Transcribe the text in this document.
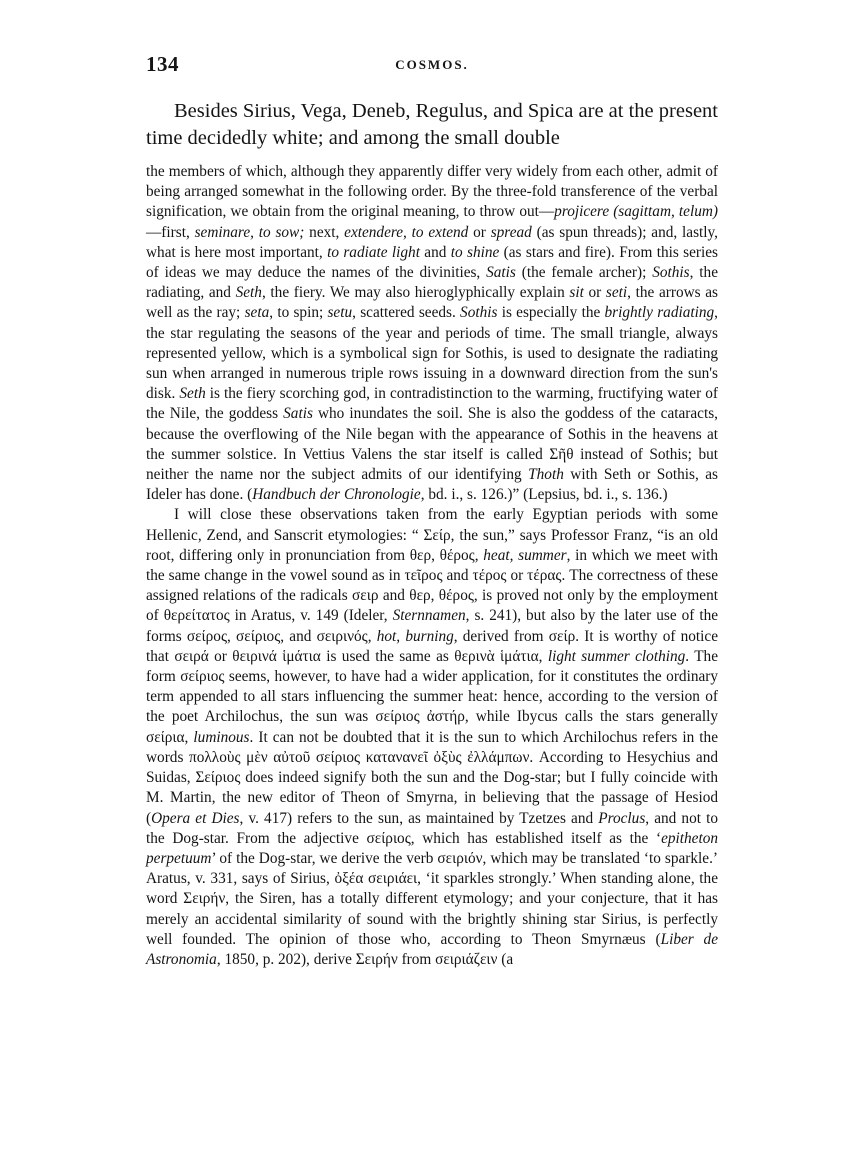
134	COSMOS.

Besides Sirius, Vega, Deneb, Regulus, and Spica are at the present time decidedly white; and among the small double

the members of which, although they apparently differ very widely from each other, admit of being arranged somewhat in the following order. By the three-fold transference of the verbal signification, we obtain from the original meaning, to throw out—projicere (sagittam, telum)—first, seminare, to sow; next, extendere, to extend or spread (as spun threads); and, lastly, what is here most important, to radiate light and to shine (as stars and fire). From this series of ideas we may deduce the names of the divinities, Satis (the female archer); Sothis, the radiating, and Seth, the fiery. We may also hieroglyphically explain sit or seti, the arrows as well as the ray; seta, to spin; setu, scattered seeds. Sothis is especially the brightly radiating, the star regulating the seasons of the year and periods of time. The small triangle, always represented yellow, which is a symbolical sign for Sothis, is used to designate the radiating sun when arranged in numerous triple rows issuing in a downward direction from the sun's disk. Seth is the fiery scorching god, in contradistinction to the warming, fructifying water of the Nile, the goddess Satis who inundates the soil. She is also the goddess of the cataracts, because the overflowing of the Nile began with the appearance of Sothis in the heavens at the summer solstice. In Vettius Valens the star itself is called Σῆθ instead of Sothis; but neither the name nor the subject admits of our identifying Thoth with Seth or Sothis, as Ideler has done. (Handbuch der Chronologie, bd. i., s. 126.)” (Lepsius, bd. i., s. 136.)

I will close these observations taken from the early Egyptian periods with some Hellenic, Zend, and Sanscrit etymologies: “ Σείρ, the sun,” says Professor Franz, “is an old root, differing only in pronunciation from θερ, θέρος, heat, summer, in which we meet with the same change in the vowel sound as in τεῖρος and τέρος or τέρας. The correctness of these assigned relations of the radicals σειρ and θερ, θέρος, is proved not only by the employment of θερείτατος in Aratus, v. 149 (Ideler, Sternnamen, s. 241), but also by the later use of the forms σείρος, σείριος, and σειρινός, hot, burning, derived from σείρ. It is worthy of notice that σειρά or θειρινά ἱμάτια is used the same as θερινὰ ἱμάτια, light summer clothing. The form σείριος seems, however, to have had a wider application, for it constitutes the ordinary term appended to all stars influencing the summer heat: hence, according to the version of the poet Archilochus, the sun was σείριος ἀστήρ, while Ibycus calls the stars generally σείρια, luminous. It can not be doubted that it is the sun to which Archilochus refers in the words πολλοὺς μὲν αὐτοῦ σείριος κατανανεῖ ὀξὺς ἐλλάμπων. According to Hesychius and Suidas, Σείριος does indeed signify both the sun and the Dog-star; but I fully coincide with M. Martin, the new editor of Theon of Smyrna, in believing that the passage of Hesiod (Opera et Dies, v. 417) refers to the sun, as maintained by Tzetzes and Proclus, and not to the Dog-star. From the adjective σείριος, which has established itself as the ‘epitheton perpetuum’ of the Dog-star, we derive the verb σειριόν, which may be translated ‘to sparkle.’ Aratus, v. 331, says of Sirius, ὀξέα σειριάει, ‘it sparkles strongly.’ When standing alone, the word Σειρήν, the Siren, has a totally different etymology; and your conjecture, that it has merely an accidental similarity of sound with the brightly shining star Sirius, is perfectly well founded. The opinion of those who, according to Theon Smyrnæus (Liber de Astronomia, 1850, p. 202), derive Σειρήν from σειριάζειν (a
